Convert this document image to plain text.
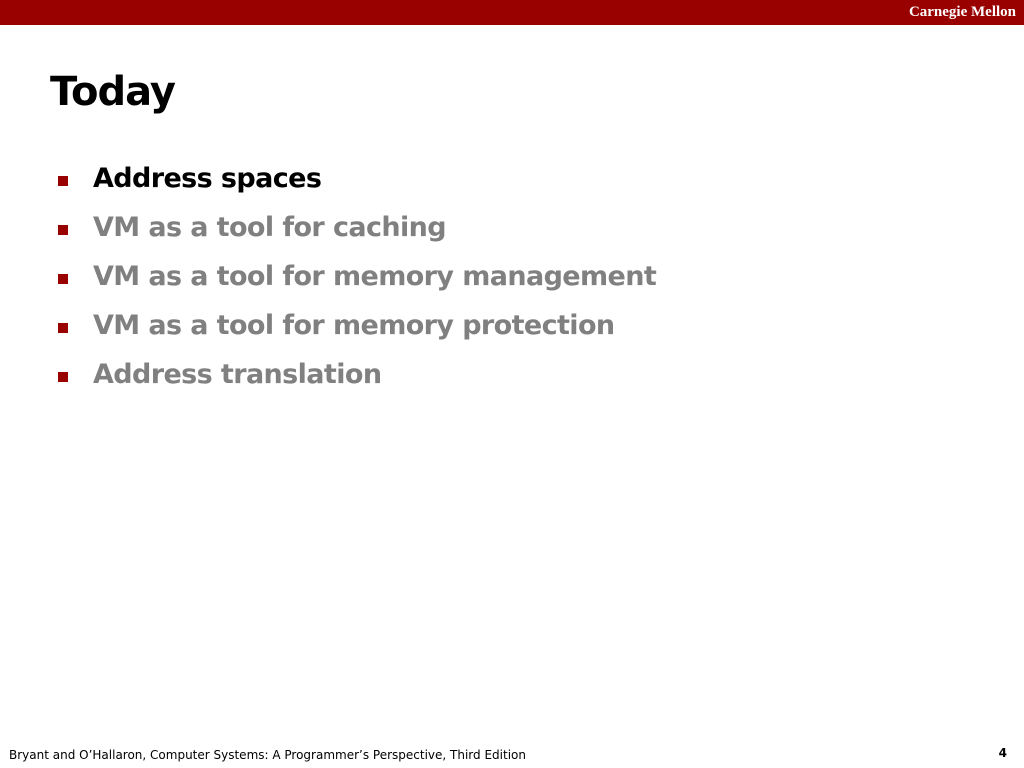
Carnegie Mellon
Today
Address spaces
VM as a tool for caching
VM as a tool for memory management
VM as a tool for memory protection
Address translation
Bryant and O’Hallaron, Computer Systems: A Programmer’s Perspective, Third Edition	4
